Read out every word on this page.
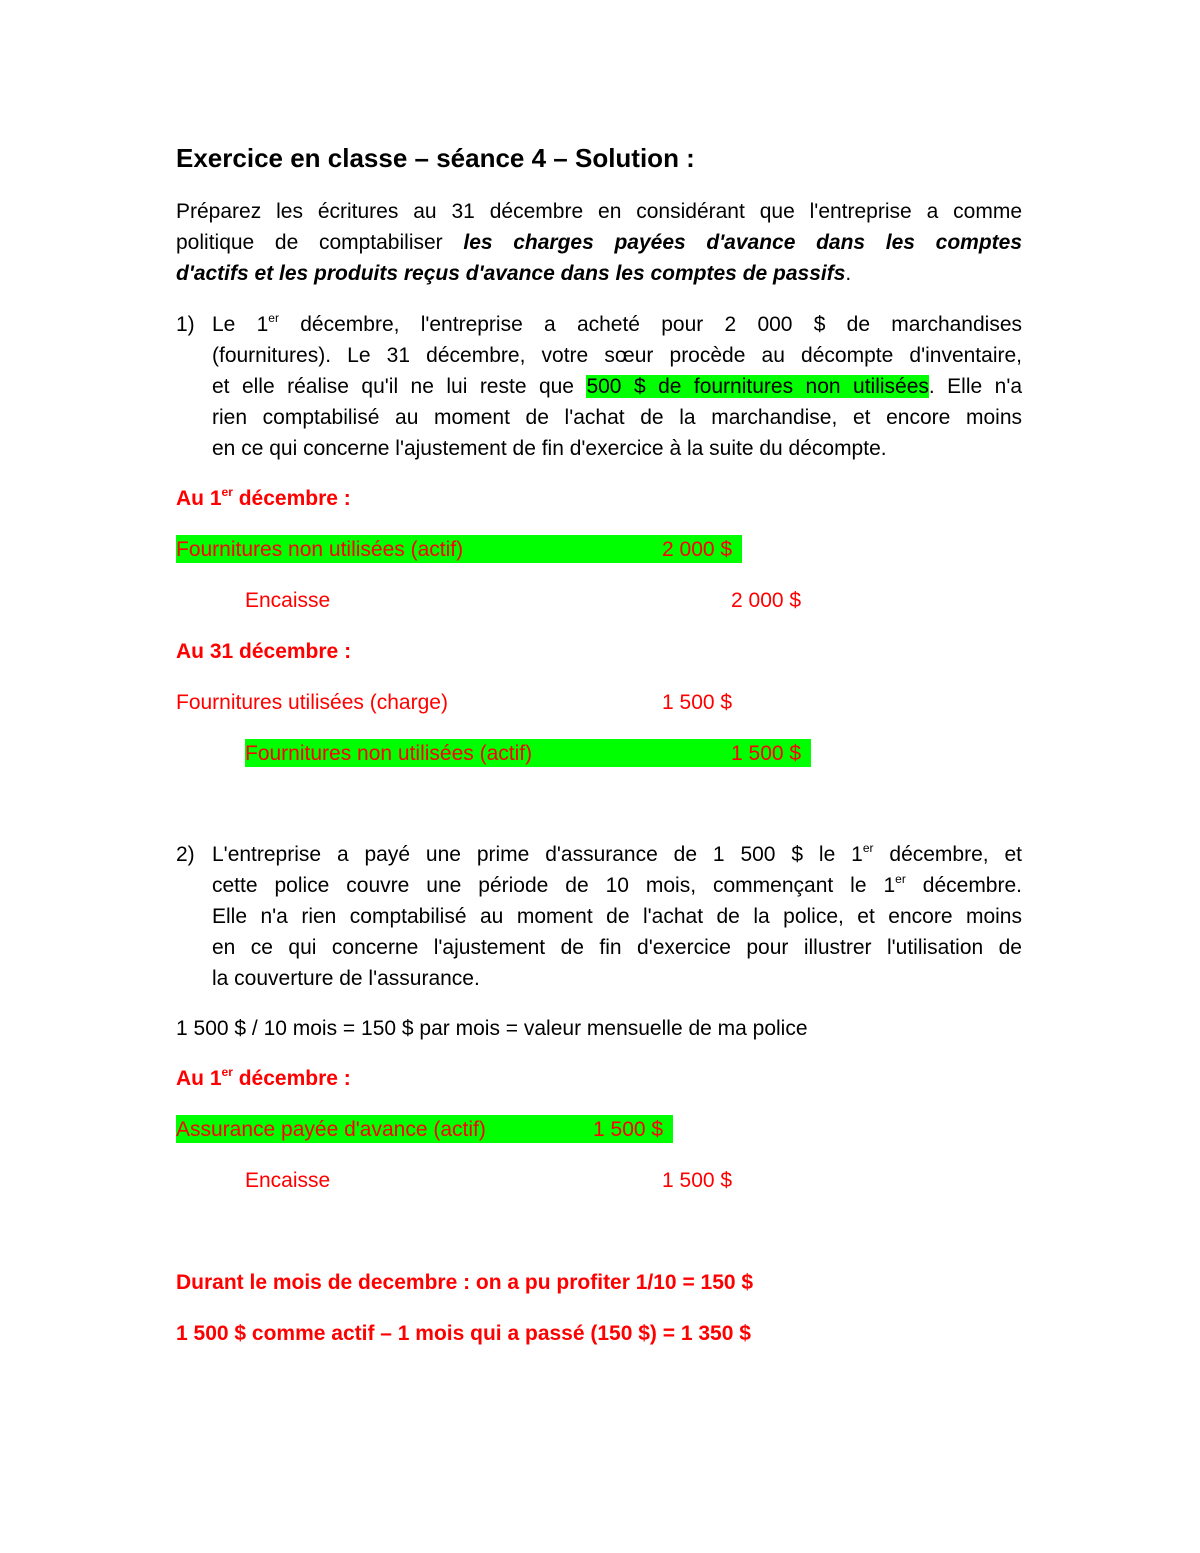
Exercice en classe – séance 4 – Solution :
Préparez les écritures au 31 décembre en considérant que l'entreprise a comme
politique de comptabiliser les charges payées d'avance dans les comptes
d'actifs et les produits reçus d'avance dans les comptes de passifs.
1) Le 1er décembre, l'entreprise a acheté pour 2 000 $ de marchandises
(fournitures). Le 31 décembre, votre sœur procède au décompte d'inventaire,
et elle réalise qu'il ne lui reste que 500 $ de fournitures non utilisées. Elle n'a
rien comptabilisé au moment de l'achat de la marchandise, et encore moins
en ce qui concerne l'ajustement de fin d'exercice à la suite du décompte.
Au 1er décembre :
Fournitures non utilisées (actif)	2 000 $
Encaisse	2 000 $
Au 31 décembre :
Fournitures utilisées (charge)	1 500 $
Fournitures non utilisées (actif)	1 500 $
2) L'entreprise a payé une prime d'assurance de 1 500 $ le 1er décembre, et
cette police couvre une période de 10 mois, commençant le 1er décembre.
Elle n'a rien comptabilisé au moment de l'achat de la police, et encore moins
en ce qui concerne l'ajustement de fin d'exercice pour illustrer l'utilisation de
la couverture de l'assurance.
1 500 $ / 10 mois = 150 $ par mois = valeur mensuelle de ma police
Au 1er décembre :
Assurance payée d'avance (actif)	1 500 $
Encaisse	1 500 $
Durant le mois de decembre : on a pu profiter 1/10 = 150 $
1 500 $ comme actif – 1 mois qui a passé (150 $) = 1 350 $
